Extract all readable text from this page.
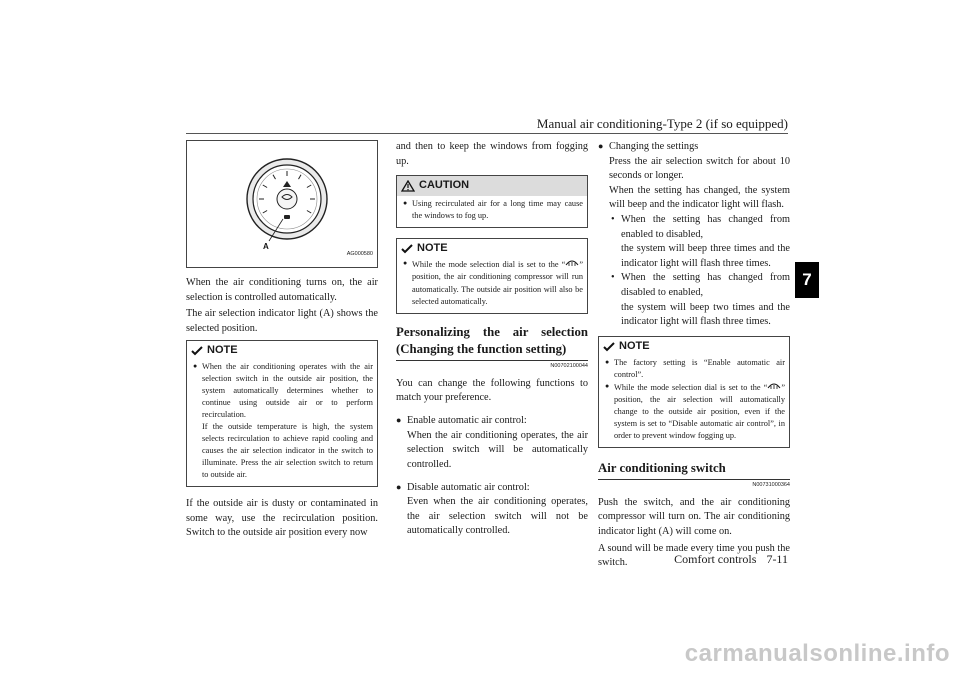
Manual air conditioning-Type 2 (if so equipped)
7
A
AG000580

When the air conditioning turns on, the air selection is controlled automatically.

The air selection indicator light (A) shows the selected position.

NOTE
● When the air conditioning operates with the air selection switch in the outside air position, the system automatically determines whether to continue using outside air or to perform recirculation.
If the outside temperature is high, the system selects recirculation to achieve rapid cooling and causes the air selection indicator in the switch to illuminate. Press the air selection switch to return to outside air.

If the outside air is dusty or contaminated in some way, use the recirculation position. Switch to the outside air position every now

and then to keep the windows from fogging up.

CAUTION
● Using recirculated air for a long time may cause the windows to fog up.
NOTE
● While the mode selection dial is set to the “ ” position, the air conditioning compressor will run automatically. The outside air position will also be selected automatically.
Personalizing the air selection (Changing the function setting)
N00702100044

You can change the following functions to match your preference.

● Enable automatic air control:
When the air conditioning operates, the air selection switch will be automatically controlled.
● Disable automatic air control:
Even when the air conditioning operates, the air selection switch will not be automatically controlled.
● Changing the settings
Press the air selection switch for about 10 seconds or longer.
When the setting has changed, the system will beep and the indicator light will flash.
• When the setting has changed from enabled to disabled,
the system will beep three times and the indicator light will flash three times.
• When the setting has changed from disabled to enabled,
the system will beep two times and the indicator light will flash three times.
NOTE
● The factory setting is “Enable automatic air control”.
● While the mode selection dial is set to the “ ” position, the air selection will automatically change to the outside air position, even if the system is set to “Disable automatic air control”, in order to prevent window fogging up.
Air conditioning switch
N00731000364

Push the switch, and the air conditioning compressor will turn on. The air conditioning indicator light (A) will come on.

A sound will be made every time you push the switch.	Comfort controls 7-11
carmanualsonline.info
